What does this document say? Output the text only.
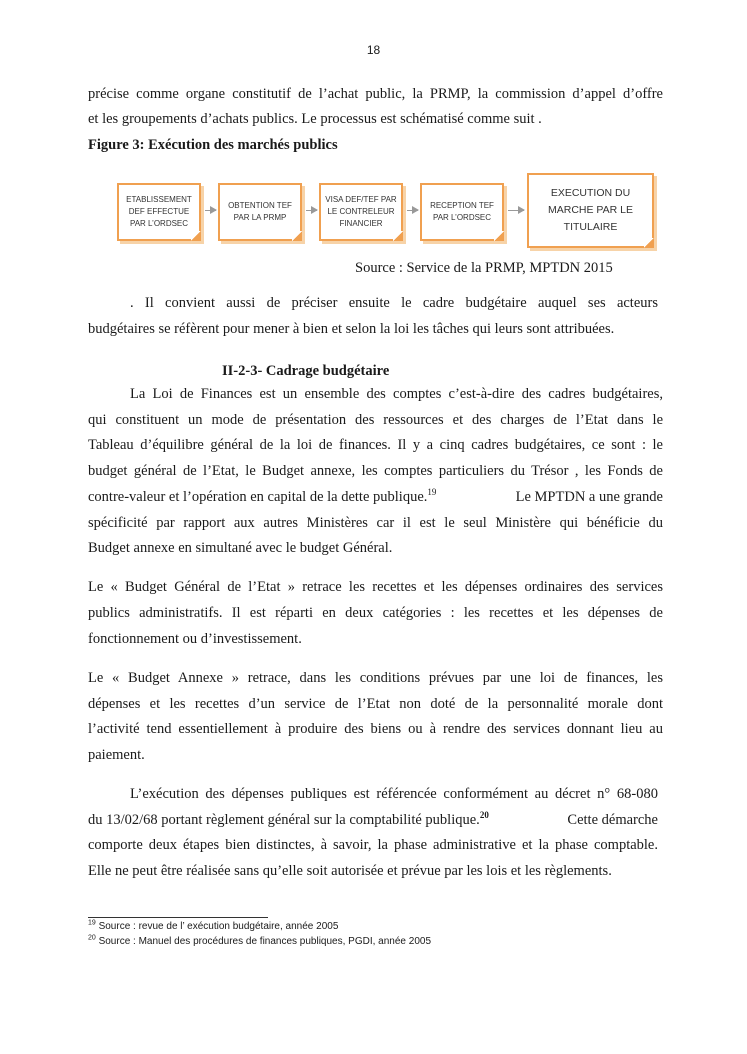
18
précise comme organe constitutif de l’achat public, la PRMP, la commission d’appel d’offre
et les groupements d’achats publics. Le processus est schématisé comme suit .
Figure 3: Exécution des marchés publics
ETABLISSEMENT DEF EFFECTUE PAR L’ORDSEC
OBTENTION TEF PAR LA PRMP
VISA DEF/TEF PAR LE CONTRELEUR FINANCIER
RECEPTION TEF PAR L’ORDSEC
EXECUTION DU MARCHE PAR LE TITULAIRE
Source : Service de la PRMP, MPTDN 2015
. Il convient aussi de préciser ensuite le cadre budgétaire auquel ses acteurs
budgétaires se réfèrent pour mener à bien et selon la loi les tâches qui leurs sont attribuées.
II-2-3- Cadrage budgétaire
La Loi de Finances est un ensemble des comptes c’est-à-dire des cadres budgétaires,
qui constituent un mode de présentation des ressources et des charges de l’Etat dans le
Tableau d’équilibre général de la loi de finances. Il y a cinq cadres budgétaires, ce sont : le
budget général de l’Etat, le Budget annexe, les comptes particuliers du Trésor , les Fonds de
contre-valeur et l’opération en capital de la dette publique.$^{19}$	Le MPTDN a une grande
spécificité par rapport aux autres Ministères car il est le seul Ministère qui bénéficie du
Budget annexe en simultané avec le budget Général.
Le « Budget Général de l’Etat » retrace les recettes et les dépenses ordinaires des services
publics administratifs. Il est réparti en deux catégories : les recettes et les dépenses de
fonctionnement ou d’investissement.
Le « Budget Annexe » retrace, dans les conditions prévues par une loi de finances, les
dépenses et les recettes d’un service de l’Etat non doté de la personnalité morale dont
l’activité tend essentiellement à produire des biens ou à rendre des services donnant lieu au
paiement.
L’exécution des dépenses publiques est référencée conformément au décret n° 68-080
du 13/02/68 portant règlement général sur la comptabilité publique.$^{20}$	Cette démarche
comporte deux étapes bien distinctes, à savoir, la phase administrative et la phase comptable.
Elle ne peut être réalisée sans qu’elle soit autorisée et prévue par les lois et les règlements.
$^{19}$ Source : revue de l’ exécution budgétaire, année 2005
$^{20}$ Source : Manuel des procédures de finances publiques, PGDI, année 2005
